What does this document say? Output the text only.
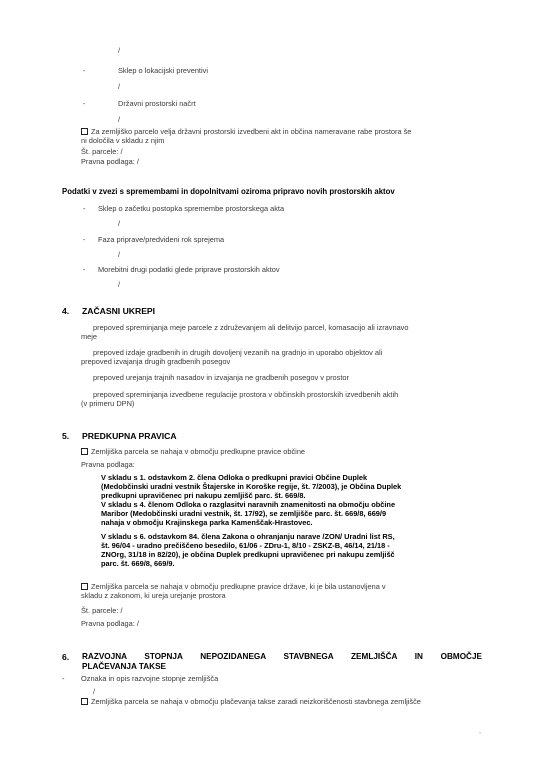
/
-	Sklep o lokacijski preventivi
/
-	Državni prostorski načrt
/
Za zemljiško parcelo velja državni prostorski izvedbeni akt in občina nameravane rabe prostora še
ni določila v skladu z njim
Št. parcele: /
Pravna podlaga: /
Podatki v zvezi s spremembami in dopolnitvami oziroma pripravo novih prostorskih aktov
- Sklep o začetku postopka spremembe prostorskega akta
/
- Faza priprave/predvideni rok sprejema
/
- Morebitni drugi podatki glede priprave prostorskih aktov
/
4. ZAČASNI UKREPI
prepoved spreminjanja meje parcele z združevanjem ali delitvijo parcel, komasacijo ali izravnavo
meje
prepoved izdaje gradbenih in drugih dovoljenj vezanih na gradnjo in uporabo objektov ali
prepoved izvajanja drugih gradbenih posegov
prepoved urejanja trajnih nasadov in izvajanja ne gradbenih posegov v prostor
prepoved spreminjanja izvedbene regulacije prostora v občinskih prostorskih izvedbenih aktih
(v primeru DPN)
5. PREDKUPNA PRAVICA
Zemljiška parcela se nahaja v območju predkupne pravice občine
Pravna podlaga:
V skladu s 1. odstavkom 2. člena Odloka o predkupni pravici Občine Duplek
(Medobčinski uradni vestnik Štajerske in Koroške regije, št. 7/2003), je Občina Duplek
predkupni upravičenec pri nakupu zemljišč parc. št. 669/8.
V skladu s 4. členom Odloka o razglasitvi naravnih znamenitosti na območju občine
Maribor (Medobčinski uradni vestnik, št. 17/92), se zemljišče parc. št. 669/8, 669/9
nahaja v območju Krajinskega parka Kamenščak-Hrastovec.
V skladu s 6. odstavkom 84. člena Zakona o ohranjanju narave /ZON/ Uradni list RS,
št. 96/04 - uradno prečiščeno besedilo, 61/06 - ZDru-1, 8/10 - ZSKZ-B, 46/14, 21/18 -
ZNOrg, 31/18 in 82/20), je občina Duplek predkupni upravičenec pri nakupu zemljišč
parc. št. 669/8, 669/9.
Zemljiška parcela se nahaja v območju predkupne pravice države, ki je bila ustanovljena v
skladu z zakonom, ki ureja urejanje prostora
Št. parcele: /
Pravna podlaga: /
6. RAZVOJNA STOPNJA NEPOZIDANEGA STAVBNEGA ZEMLJIŠČA IN OBMOČJE
PLAČEVANJA TAKSE
- Oznaka in opis razvojne stopnje zemljišča
/
Zemljiška parcela se nahaja v območju plačevanja takse zaradi neizkoriščenosti stavbnega zemljišče
.
